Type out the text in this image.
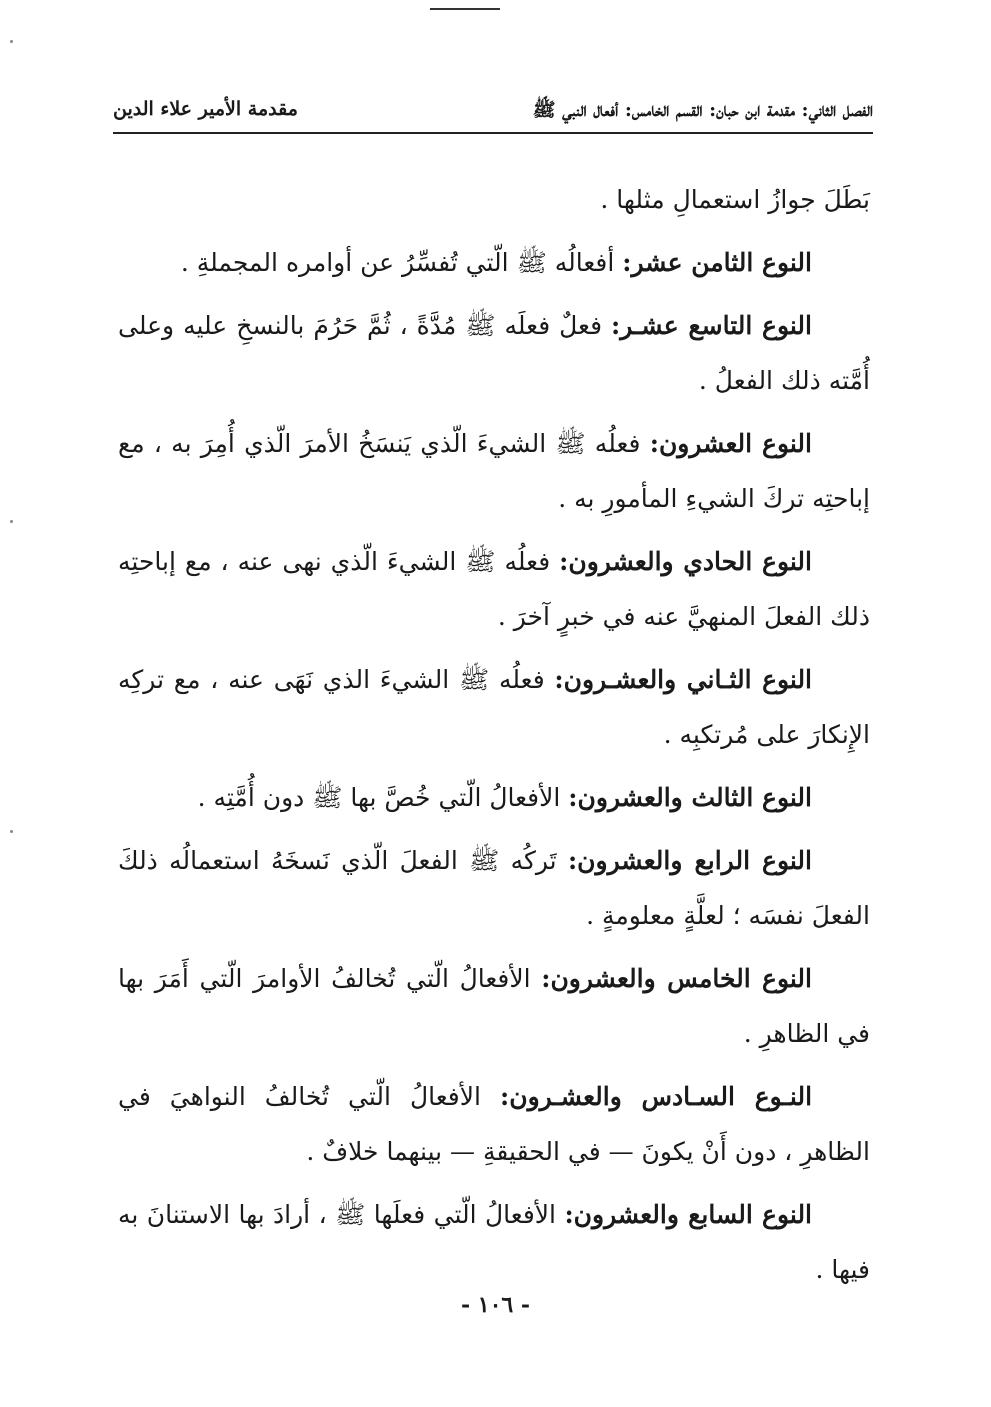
الفصل الثاني: مقدمة ابن حبان: القسم الخامس: أفعال النبي ﷺ
مقدمة الأمير علاء الدين

بَطَلَ جوازُ استعمالِ مثلها .

النوع الثامن عشر: أفعالُه ﷺ الّتي تُفسِّرُ عن أوامره المجملةِ .

النوع التاسع عشـر: فعلٌ فعلَه ﷺ مُدَّةً ، ثُمَّ حَرُمَ بالنسخِ عليه وعلى أُمَّته ذلك الفعلُ .

النوع العشرون: فعلُه ﷺ الشيءَ الّذي يَنسَخُ الأمرَ الّذي أُمِرَ به ، مع إباحتِه تركَ الشيءِ المأمورِ به .

النوع الحادي والعشرون: فعلُه ﷺ الشيءَ الّذي نهى عنه ، مع إباحتِه ذلك الفعلَ المنهيَّ عنه في خبرٍ آخرَ .

النوع الثـاني والعشـرون: فعلُه ﷺ الشيءَ الذي نَهَى عنه ، مع تركِه الإِنكارَ على مُرتكبِه .

النوع الثالث والعشرون: الأفعالُ الّتي خُصَّ بها ﷺ دون أُمَّتِه .

النوع الرابع والعشرون: تَركُه ﷺ الفعلَ الّذي نَسخَهُ استعمالُه ذلكَ الفعلَ نفسَه ؛ لعلَّةٍ معلومةٍ .

النوع الخامس والعشرون: الأفعالُ الّتي تُخالفُ الأوامرَ الّتي أَمَرَ بها في الظاهرِ .

النـوع السـادس والعشـرون: الأفعالُ الّتي تُخالفُ النواهيَ في الظاهرِ ، دون أَنْ يكونَ — في الحقيقةِ — بينهما خلافٌ .

النوع السابع والعشرون: الأفعالُ الّتي فعلَها ﷺ ، أرادَ بها الاستنانَ به فيها .

- ١٠٦ -
